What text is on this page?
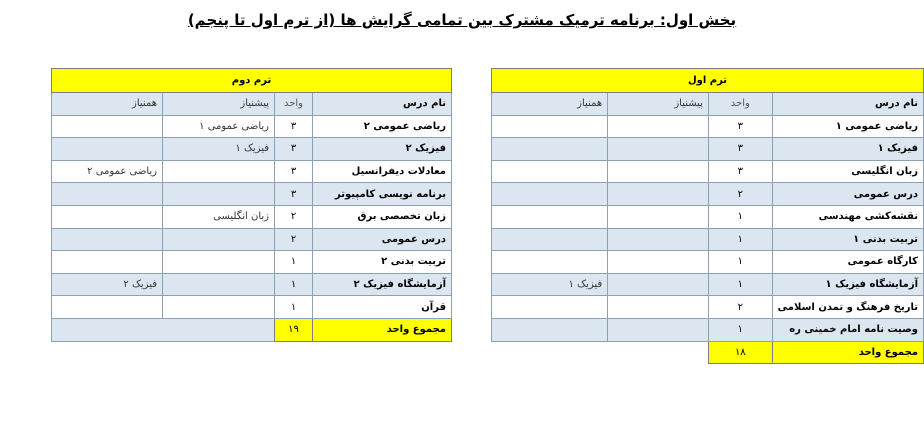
بخش اول: برنامه ترمیک مشترک بین تمامی گرایش ها (از ترم اول تا پنجم)
ترم اول			
نام درس	واحد	پیشنیاز	همنیاز
ریاضی عمومی ۱	۳		
فیزیک ۱	۳		
زبان انگلیسی	۳		
درس عمومی	۲		
نقشه‌کشی مهندسی	۱		
تربیت بدنی ۱	۱		
کارگاه عمومی	۱		
آزمایشگاه فیزیک ۱	۱		فیزیک ۱
تاریخ فرهنگ و تمدن اسلامی	۲		
وصیت نامه امام خمینی ره	۱		
مجموع واحد	۱۸		
ترم دوم			
نام درس	واحد	پیشنیاز	همنیاز
ریاضی عمومی ۲	۳	ریاضی عمومی ۱	
فیزیک ۲	۳	فیزیک ۱	
معادلات دیفرانسیل	۳		ریاضی عمومی ۲
برنامه نویسی کامپیوتر	۳		
زبان تخصصی برق	۲	زبان انگلیسی	
درس عمومی	۲		
تربیت بدنی ۲	۱		
آزمایشگاه فیزیک ۲	۱		فیزیک ۲
قرآن	۱		
مجموع واحد	۱۹		
